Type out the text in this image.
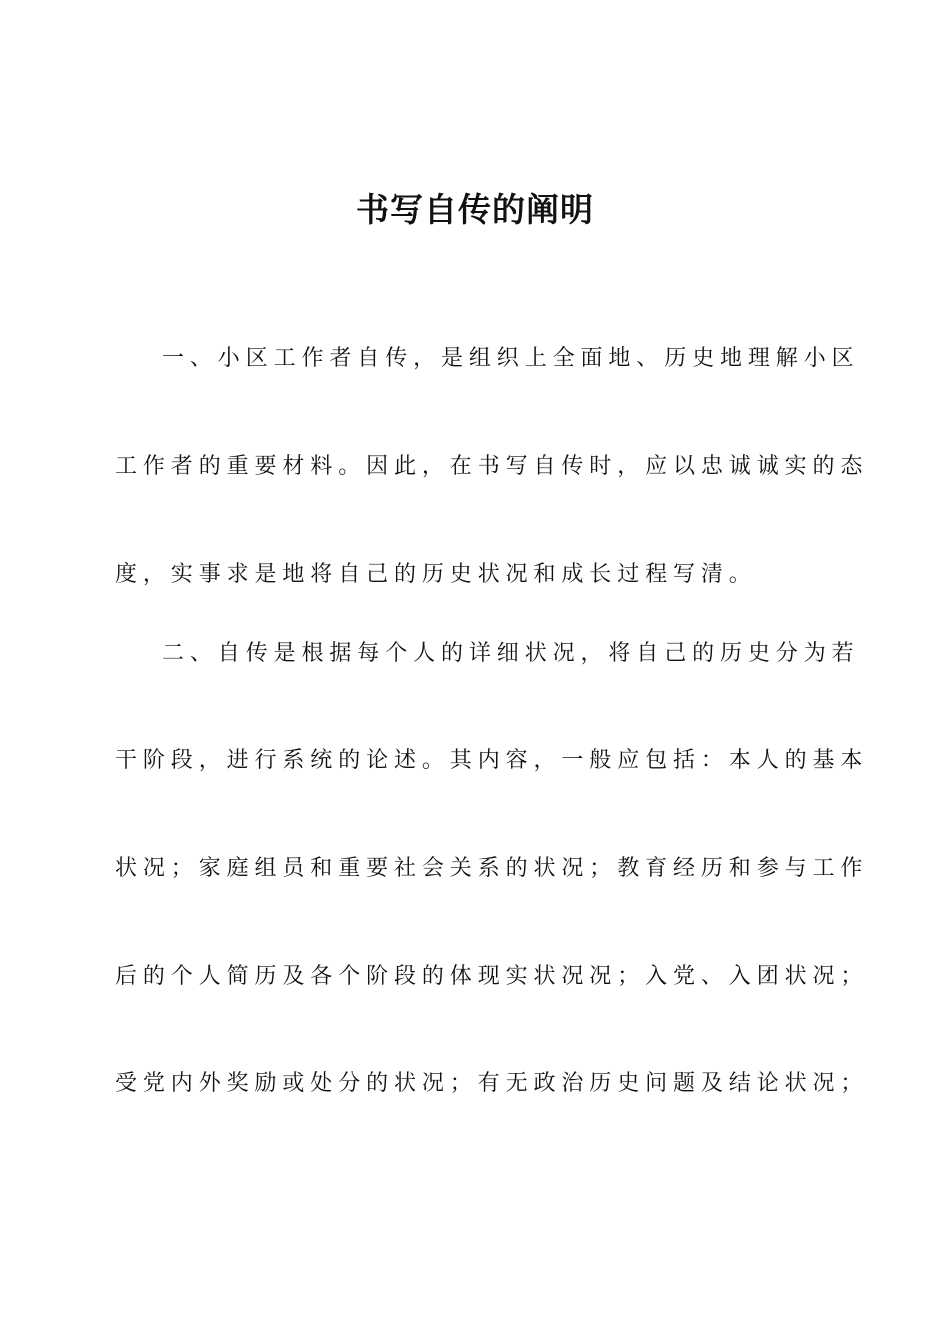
书写自传的阐明

一、小区工作者自传，是组织上全面地、历史地理解小区

工作者的重要材料。因此，在书写自传时，应以忠诚诚实的态

度，实事求是地将自己的历史状况和成长过程写清。

二、自传是根据每个人的详细状况，将自己的历史分为若

干阶段，进行系统的论述。其内容，一般应包括：本人的基本

状况；家庭组员和重要社会关系的状况；教育经历和参与工作

后的个人简历及各个阶段的体现实状况况；入党、入团状况；

受党内外奖励或处分的状况；有无政治历史问题及结论状况；
